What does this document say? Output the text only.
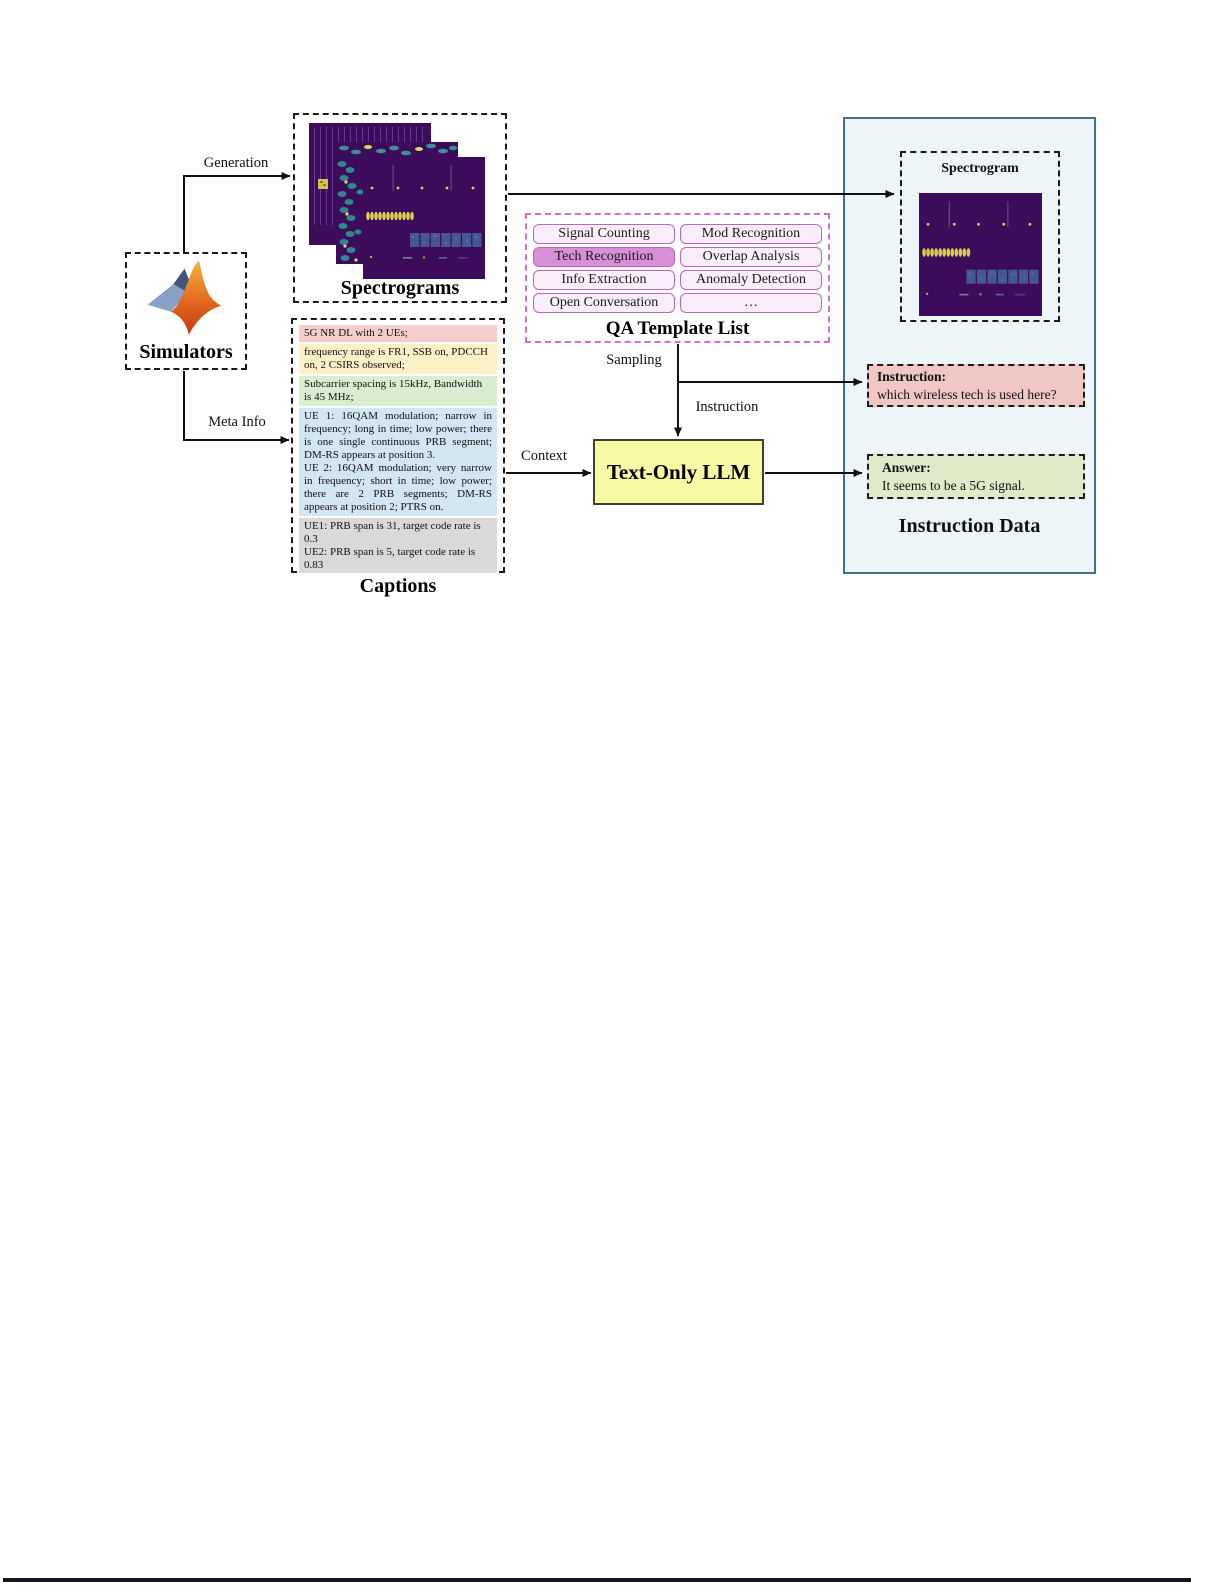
Simulators
Spectrograms

5G NR DL with 2 UEs;

frequency range is FR1, SSB on, PDCCH on, 2 CSIRS observed;

Subcarrier spacing is 15kHz, Bandwidth is 45 MHz;

UE 1: 16QAM modulation; narrow in frequency; long in time; low power; there is one single continuous PRB segment; DM-RS appears at position 3.

UE 2: 16QAM modulation; very narrow in frequency; short in time; low power; there are 2 PRB segments; DM-RS appears at position 2; PTRS on.

UE1: PRB span is 31, target code rate is 0.3

UE2: PRB span is 5, target code rate is 0.83

Captions
Signal Counting	Mod Recognition
Tech Recognition	Overlap Analysis
Info Extraction	Anomaly Detection
Open Conversation	…
QA Template List
Text-Only LLM
Spectrogram
Instruction:
which wireless tech is used here?
Answer:
It seems to be a 5G signal.
Instruction Data
Generation
Meta Info
Sampling
Instruction
Context
